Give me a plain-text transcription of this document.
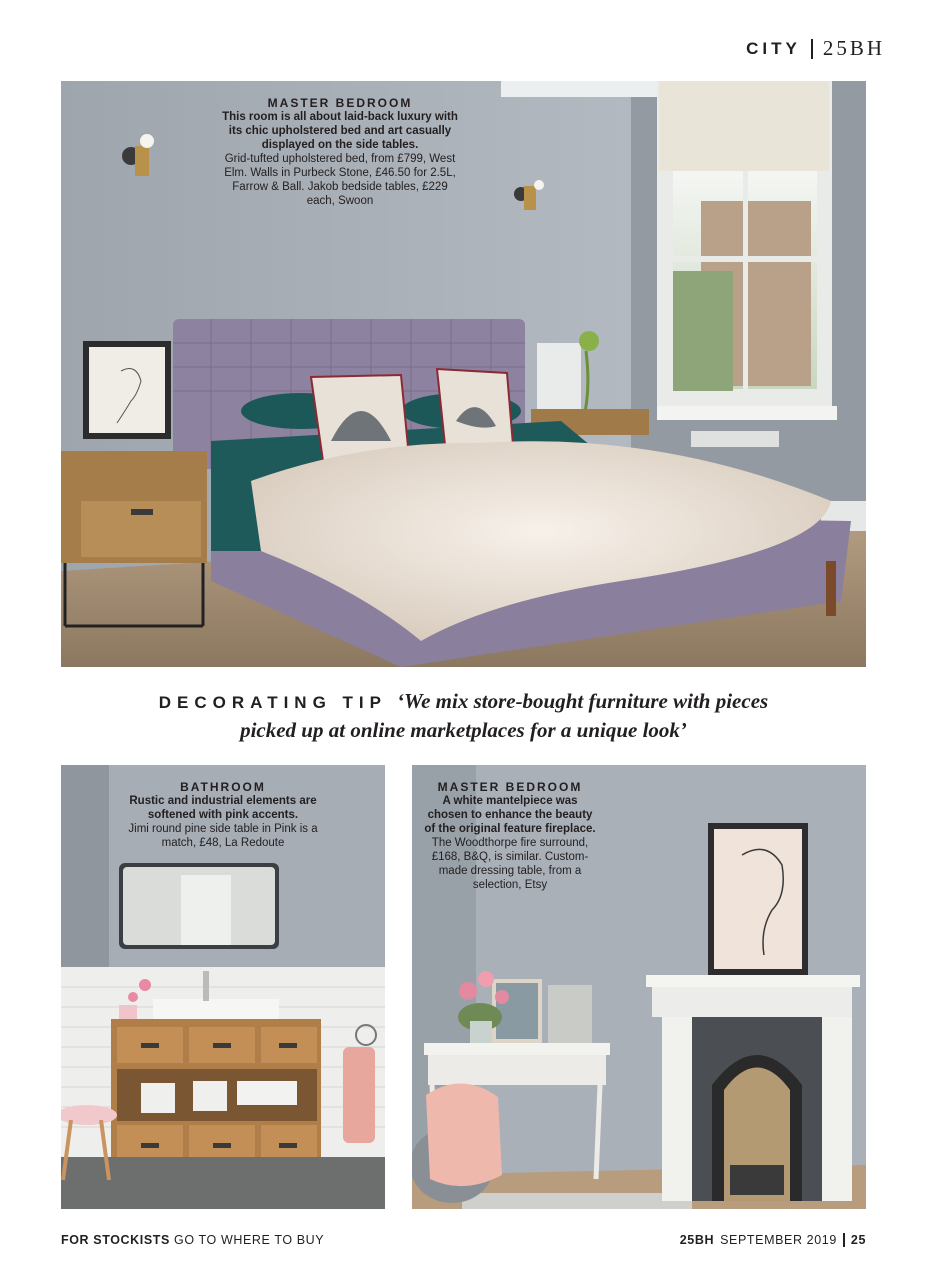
CITY 25BH
MASTER BEDROOM
This room is all about laid-back luxury with its chic upholstered bed and art casually displayed on the side tables.
Grid-tufted upholstered bed, from £799, West Elm. Walls in Purbeck Stone, £46.50 for 2.5L, Farrow & Ball. Jakob bedside tables, £229 each, Swoon
DECORATING TIP ‘We mix store-bought furniture with pieces
picked up at online marketplaces for a unique look’
BATHROOM
Rustic and industrial elements are softened with pink accents.
Jimi round pine side table in Pink is a match, £48, La Redoute
MASTER BEDROOM
A white mantelpiece was chosen to enhance the beauty of the original feature fireplace.
The Woodthorpe fire surround, £168, B&Q, is similar. Custom-made dressing table, from a selection, Etsy
FOR STOCKISTS GO TO WHERE TO BUY	25BH SEPTEMBER 2019 25
